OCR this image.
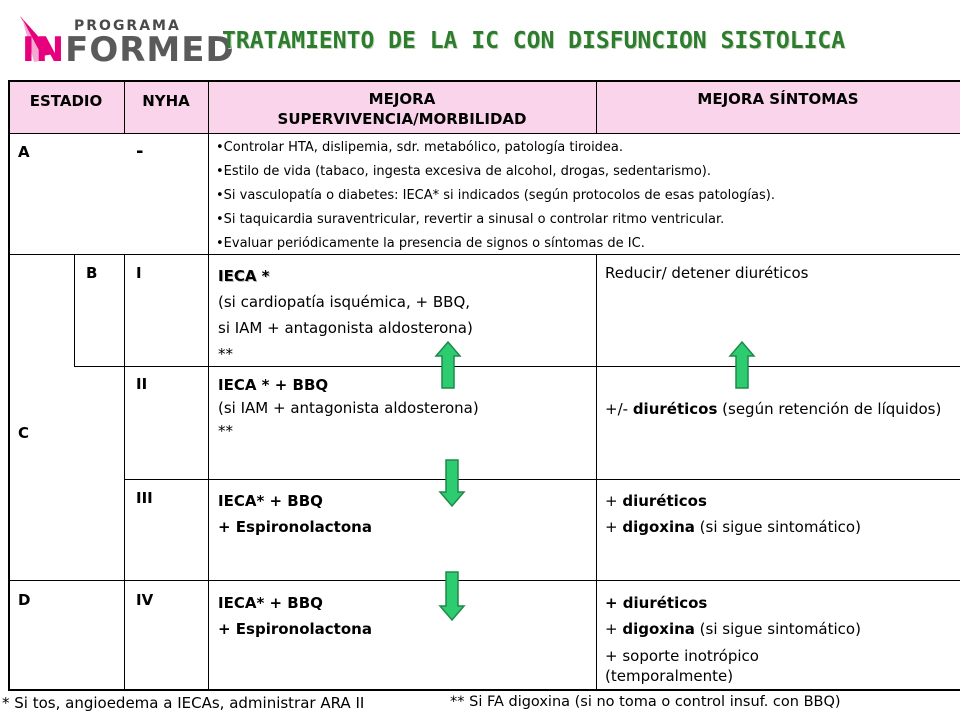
PROGRAMA
INFORMED
TRATAMIENTO DE LA IC CON DISFUNCION SISTOLICA
ESTADIO	NYHA	MEJORA
SUPERVIVENCIA/MORBILIDAD
MEJORA SÍNTOMAS
A	-
•	Controlar HTA, dislipemia, sdr. metabólico, patología tiroidea.
• Estilo de vida (tabaco, ingesta excesiva de alcohol, drogas, sedentarismo).
• Si vasculopatía o diabetes: IECA* si indicados (según protocolos de esas patologías).
• Si taquicardia suraventricular, revertir a sinusal o controlar ritmo ventricular.
• Evaluar periódicamente la presencia de signos o síntomas de IC.
B	I	IECA *
(si cardiopatía isquémica, + BBQ,
si IAM + antagonista aldosterona)
**
Reducir/ detener diuréticos
C
II	IECA * + BBQ
(si IAM + antagonista aldosterona)
**
+/- diuréticos (según retención de líquidos)
III	IECA* + BBQ
+ Espironolactona
+ diuréticos
+ digoxina (si sigue sintomático)
D	IV	IECA* + BBQ
+ Espironolactona
+ diuréticos
+ digoxina (si sigue sintomático)
+ soporte inotrópico
(temporalmente)
* Si tos, angioedema a IECAs, administrar ARA II	** Si FA digoxina (si no toma o control insuf. con BBQ)
